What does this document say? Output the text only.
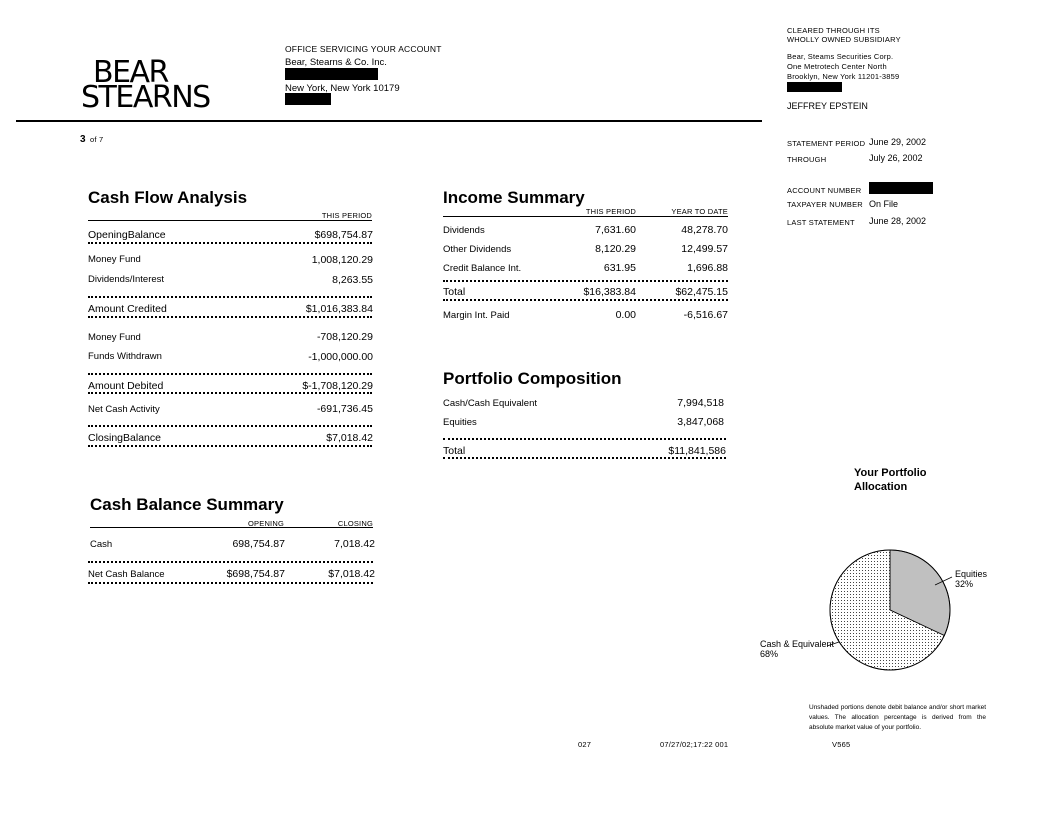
BEAR
STEARNS
OFFICE SERVICING YOUR ACCOUNT
Bear, Stearns & Co. Inc.
New York, New York 10179
CLEARED THROUGH ITS
WHOLLY OWNED SUBSIDIARY
Bear, Steams Securities Corp.
One Metrotech Center North
Brooklyn, New York 11201-3859
JEFFREY EPSTEIN
3 of 7	STATEMENT PERIOD June 29, 2002
THROUGH	July 26, 2002
ACCOUNT NUMBER
TAXPAYER NUMBER On File
LAST STATEMENT June 28, 2002
Cash Flow Analysis
THIS PERIOD
OpeningBalance	$698,754.87
Money Fund	1,008,120.29
Dividends/Interest	8,263.55
Amount Credited	$1,016,383.84
Money Fund	-708,120.29
Funds Withdrawn	-1,000,000.00
Amount Debited	$-1,708,120.29
Net Cash Activity	-691,736.45
ClosingBalance	$7,018.42
Income Summary
THIS PERIOD	YEAR TO DATE
Dividends	7,631.60	48,278.70
Other Dividends	8,120.29	12,499.57
Credit Balance Int.	631.95	1,696.88
Total	$16,383.84	$62,475.15
Margin Int. Paid	0.00	-6,516.67
Portfolio Composition
Cash/Cash Equivalent	7,994,518
Equities	3,847,068
Total	$11,841,586
Cash Balance Summary
OPENING	CLOSING
Cash	698,754.87	7,018.42
Net Cash Balance	$698,754.87	$7,018.42
Your Portfolio
Allocation
Equities
32%
Cash & Equivalent
68%
Unshaded portions denote debit balance and/or short market values. The allocation percentage is derived from the absolute market value of your portfolio.
027	07/27/02;17:22 001	V565
